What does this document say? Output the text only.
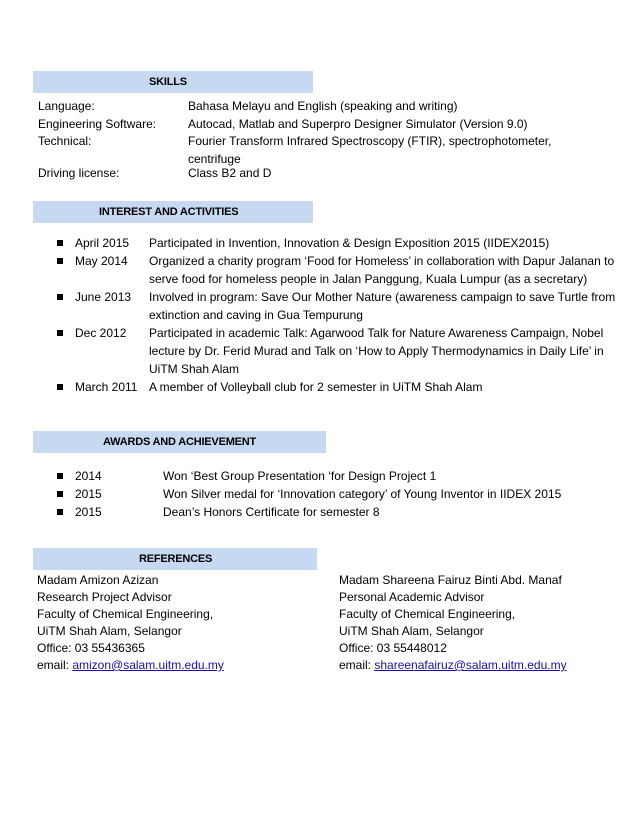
SKILLS
Language:	Bahasa Melayu and English (speaking and writing)
Engineering Software:	Autocad, Matlab and Superpro Designer Simulator (Version 9.0)
Technical:	Fourier Transform Infrared Spectroscopy (FTIR), spectrophotometer, centrifuge
Driving license:	Class B2 and D
INTEREST AND ACTIVITIES
April 2015 Participated in Invention, Innovation & Design Exposition 2015 (IIDEX2015)
May 2014 Organized a charity program ‘Food for Homeless’ in collaboration with Dapur Jalanan to serve food for homeless people in Jalan Panggung, Kuala Lumpur (as a secretary)
June 2013 Involved in program: Save Our Mother Nature (awareness campaign to save Turtle from extinction and caving in Gua Tempurung
Dec 2012 Participated in academic Talk: Agarwood Talk for Nature Awareness Campaign, Nobel lecture by Dr. Ferid Murad and Talk on ‘How to Apply Thermodynamics in Daily Life’ in UiTM Shah Alam
March 2011 A member of Volleyball club for 2 semester in UiTM Shah Alam
AWARDS AND ACHIEVEMENT
2014	Won ‘Best Group Presentation ‘for Design Project 1
2015	Won Silver medal for ‘Innovation category’ of Young Inventor in IIDEX 2015
2015	Dean’s Honors Certificate for semester 8
REFERENCES
Madam Amizon Azizan
Research Project Advisor
Faculty of Chemical Engineering,
UiTM Shah Alam, Selangor
Office: 03 55436365
email: amizon@salam.uitm.edu.my
Madam Shareena Fairuz Binti Abd. Manaf
Personal Academic Advisor
Faculty of Chemical Engineering,
UiTM Shah Alam, Selangor
Office: 03 55448012
email: shareenafairuz@salam.uitm.edu.my
